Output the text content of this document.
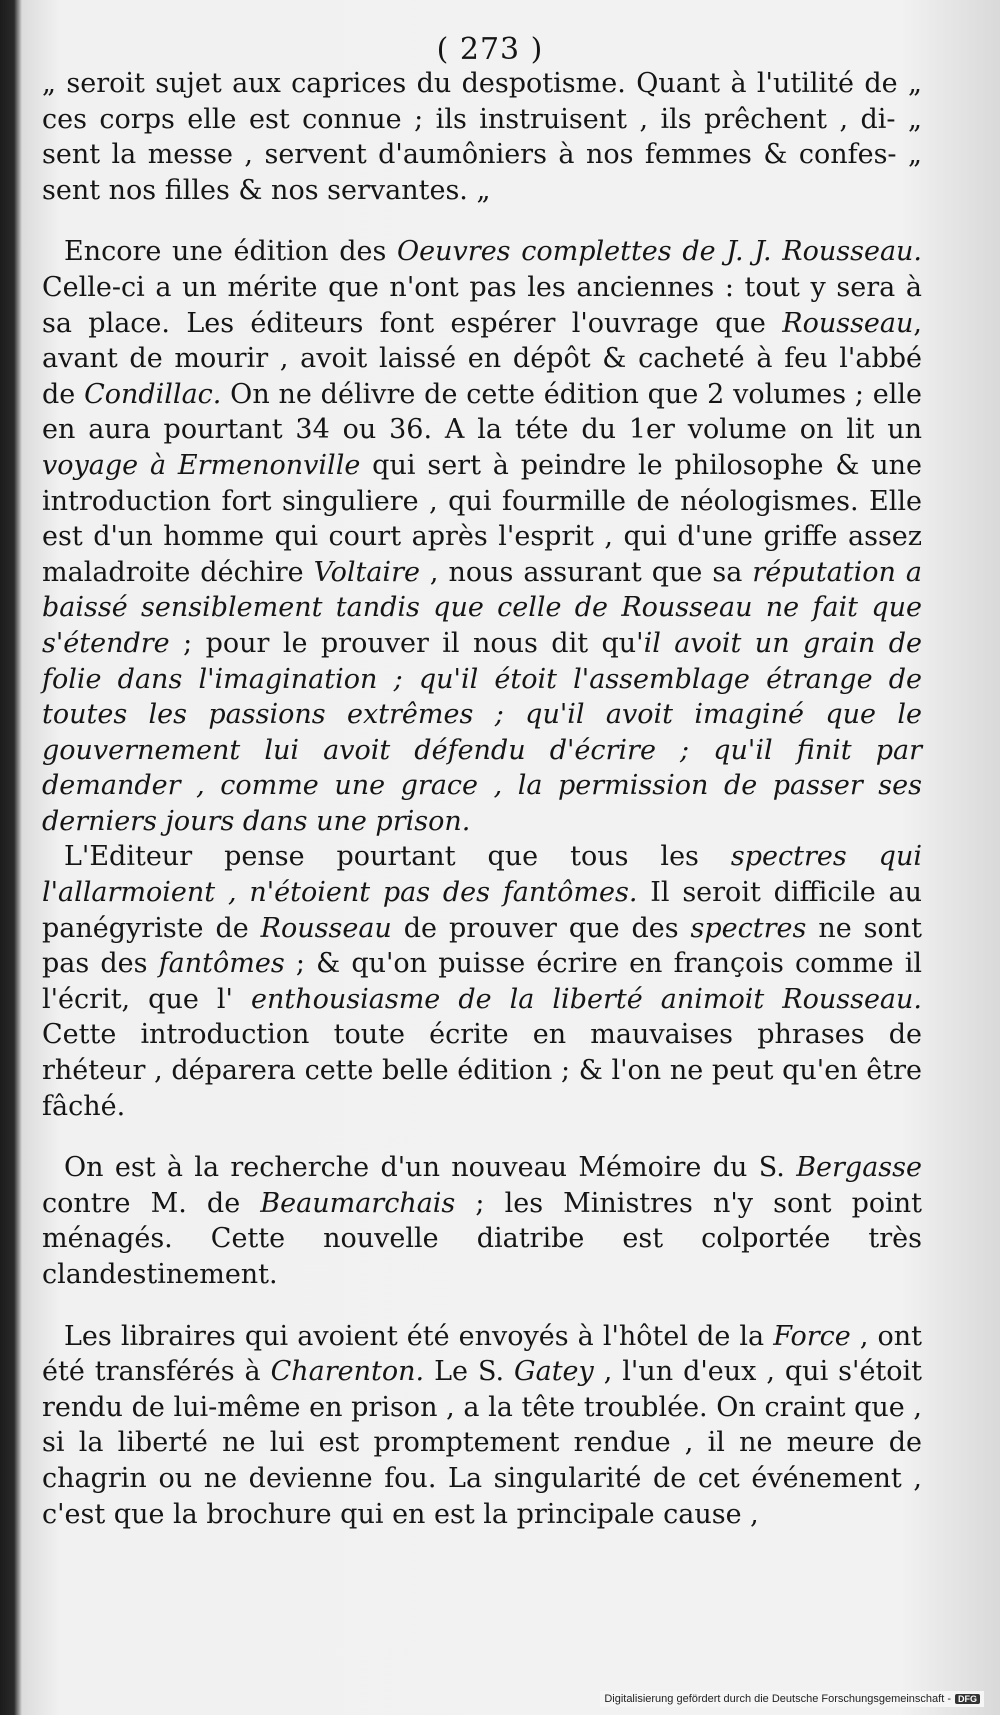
( 273 )

„ seroit sujet aux caprices du despotisme. Quant à l'utilité de „ ces corps elle est connue ; ils instruisent , ils prêchent , di- „ sent la messe , servent d'aumôniers à nos femmes & confes- „ sent nos filles & nos servantes. „

Encore une édition des Oeuvres complettes de J. J. Rousseau. Celle-ci a un mérite que n'ont pas les anciennes : tout y sera à sa place. Les éditeurs font espérer l'ouvrage que Rousseau, avant de mourir , avoit laissé en dépôt & cacheté à feu l'abbé de Condillac. On ne délivre de cette édition que 2 volumes ; elle en aura pourtant 34 ou 36. A la téte du 1er volume on lit un voyage à Ermenonville qui sert à peindre le philosophe & une introduction fort singuliere , qui fourmille de néologismes. Elle est d'un homme qui court après l'esprit , qui d'une griffe assez maladroite déchire Voltaire , nous assurant que sa réputation a baissé sensiblement tandis que celle de Rousseau ne fait que s'étendre ; pour le prouver il nous dit qu'il avoit un grain de folie dans l'imagination ; qu'il étoit l'assemblage étrange de toutes les passions extrêmes ; qu'il avoit imaginé que le gouvernement lui avoit défendu d'écrire ; qu'il finit par demander , comme une grace , la permission de passer ses derniers jours dans une prison.

L'Editeur pense pourtant que tous les spectres qui l'allarmoient , n'étoient pas des fantômes. Il seroit difficile au panégyriste de Rousseau de prouver que des spectres ne sont pas des fantômes ; & qu'on puisse écrire en françois comme il l'écrit, que l' enthousiasme de la liberté animoit Rousseau. Cette introduction toute écrite en mauvaises phrases de rhéteur , déparera cette belle édition ; & l'on ne peut qu'en être fâché.

On est à la recherche d'un nouveau Mémoire du S. Bergasse contre M. de Beaumarchais ; les Ministres n'y sont point ménagés. Cette nouvelle diatribe est colportée très clandestinement.

Les libraires qui avoient été envoyés à l'hôtel de la Force , ont été transférés à Charenton. Le S. Gatey , l'un d'eux , qui s'étoit rendu de lui-même en prison , a la tête troublée. On craint que , si la liberté ne lui est promptement rendue , il ne meure de chagrin ou ne devienne fou. La singularité de cet événement , c'est que la brochure qui en est la principale cause ,

Digitalisierung gefördert durch die Deutsche Forschungsgemeinschaft - DFG
